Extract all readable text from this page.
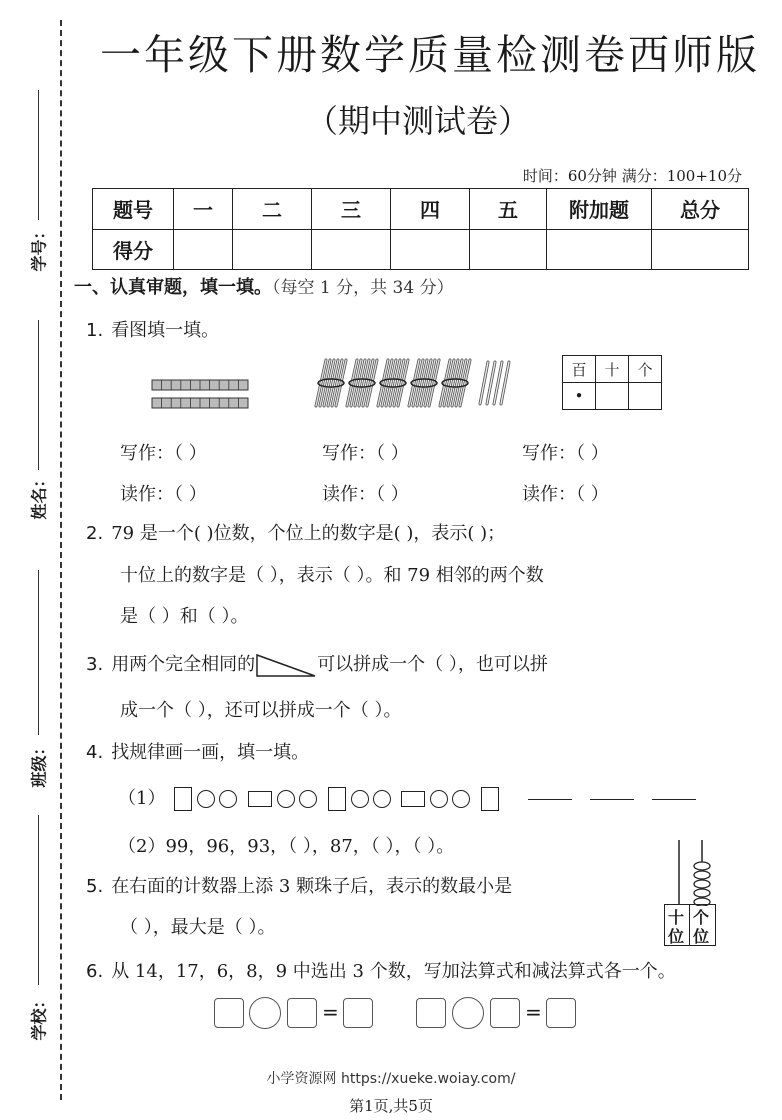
学号：
姓名：
班级：
学校：
一年级下册数学质量检测卷西师版
（期中测试卷）
时间：60分钟 满分：100+10分
题号	一	二	三	四	五	附加题	总分
得分							
一、认真审题，填一填。（每空 1 分，共 34 分）
1. 看图填一填。
百	十	个
•		
写作：（ ）	写作：（ ）	写作：（ ）
读作：（ ）	读作：（ ）	读作：（ ）
2. 79 是一个( )位数，个位上的数字是( )，表示( )；
十位上的数字是（ ），表示（ ）。和 79 相邻的两个数
是（ ）和（ ）。
3. 用两个完全相同的	可以拼成一个（ ），也可以拼
成一个（ ），还可以拼成一个（ ）。
4. 找规律画一画，填一填。
（1）
（2）99，96，93，（ ），87，（ ），（ ）。
5. 在右面的计数器上添 3 颗珠子后，表示的数最小是
（ ），最大是（ ）。	十 个
位 位
6. 从 14，17，6，8，9 中选出 3 个数，写加法算式和减法算式各一个。
=	=
小学资源网 https://xueke.woiay.com/
第1页,共5页
